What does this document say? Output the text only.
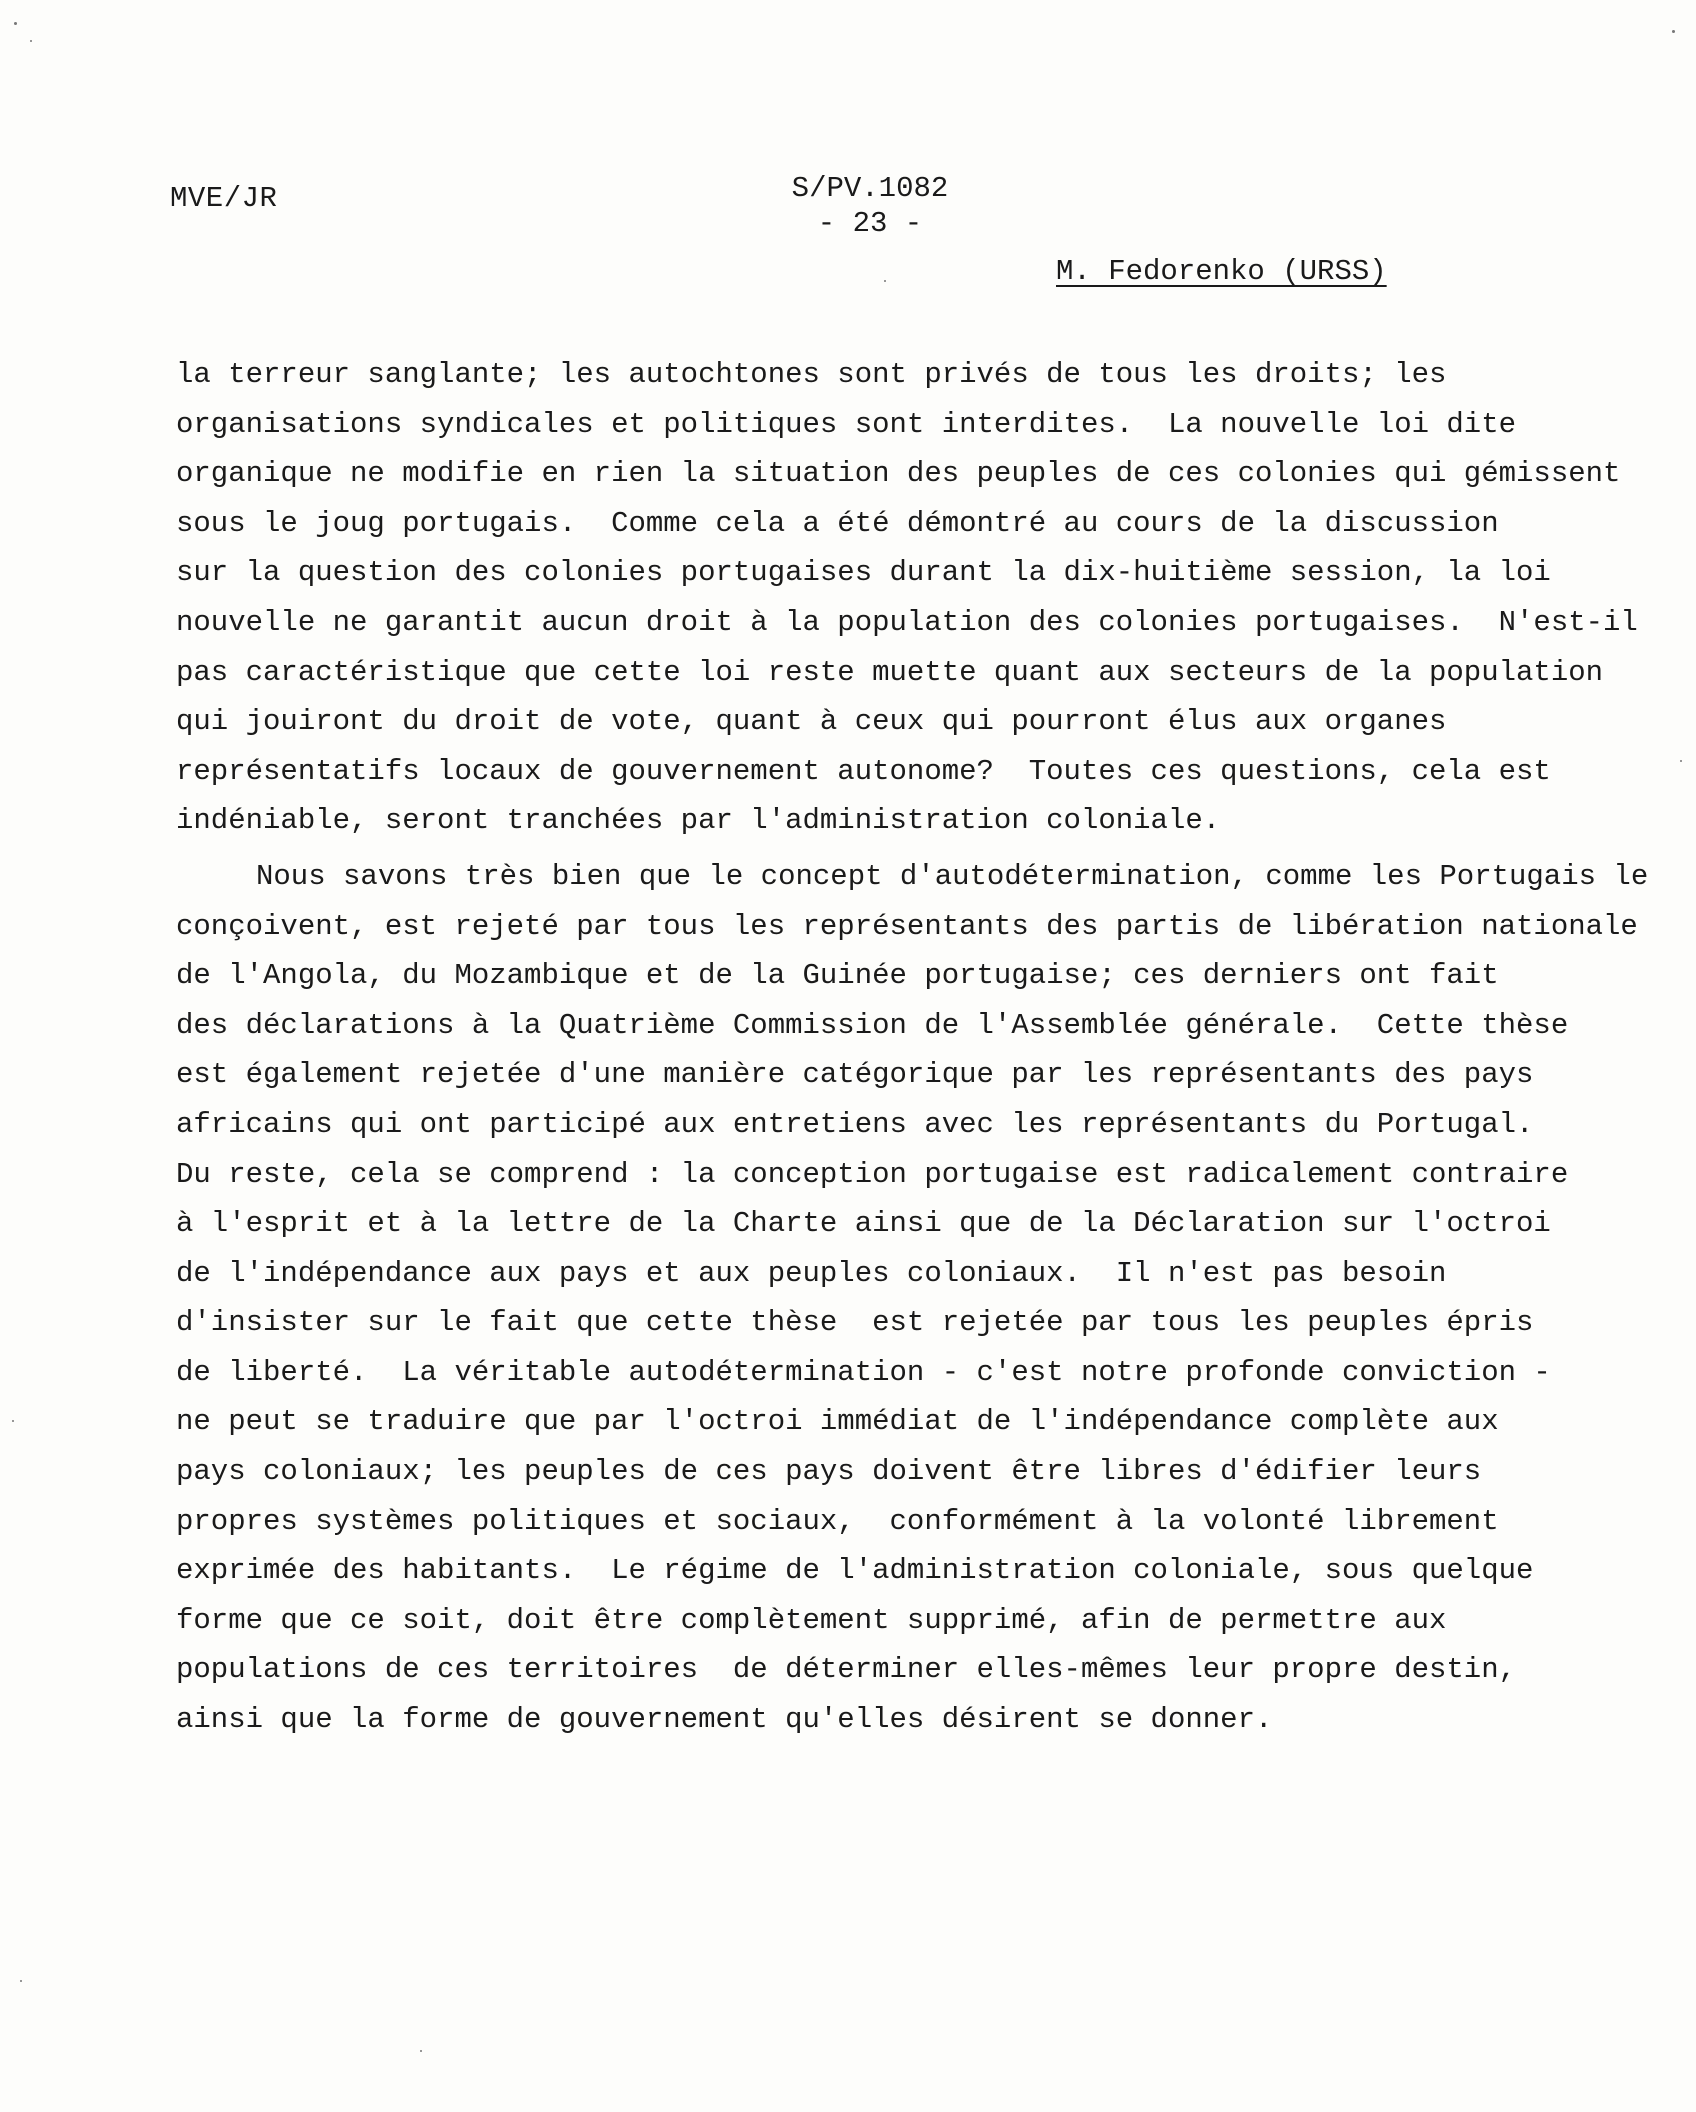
MVE/JR	S/PV.1082
- 23 -
M. Fedorenko (URSS)
la terreur sanglante; les autochtones sont privés de tous les droits; les
organisations syndicales et politiques sont interdites.  La nouvelle loi dite
organique ne modifie en rien la situation des peuples de ces colonies qui gémissent
sous le joug portugais.  Comme cela a été démontré au cours de la discussion
sur la question des colonies portugaises durant la dix-huitième session, la loi
nouvelle ne garantit aucun droit à la population des colonies portugaises.  N'est-il
pas caractéristique que cette loi reste muette quant aux secteurs de la population
qui jouiront du droit de vote, quant à ceux qui pourront élus aux organes
représentatifs locaux de gouvernement autonome?  Toutes ces questions, cela est
indéniable, seront tranchées par l'administration coloniale.
Nous savons très bien que le concept d'autodétermination, comme les Portugais le
conçoivent, est rejeté par tous les représentants des partis de libération nationale
de l'Angola, du Mozambique et de la Guinée portugaise; ces derniers ont fait
des déclarations à la Quatrième Commission de l'Assemblée générale.  Cette thèse
est également rejetée d'une manière catégorique par les représentants des pays
africains qui ont participé aux entretiens avec les représentants du Portugal.
Du reste, cela se comprend : la conception portugaise est radicalement contraire
à l'esprit et à la lettre de la Charte ainsi que de la Déclaration sur l'octroi
de l'indépendance aux pays et aux peuples coloniaux.  Il n'est pas besoin
d'insister sur le fait que cette thèse  est rejetée par tous les peuples épris
de liberté.  La véritable autodétermination - c'est notre profonde conviction -
ne peut se traduire que par l'octroi immédiat de l'indépendance complète aux
pays coloniaux; les peuples de ces pays doivent être libres d'édifier leurs
propres systèmes politiques et sociaux,  conformément à la volonté librement
exprimée des habitants.  Le régime de l'administration coloniale, sous quelque
forme que ce soit, doit être complètement supprimé, afin de permettre aux
populations de ces territoires  de déterminer elles-mêmes leur propre destin,
ainsi que la forme de gouvernement qu'elles désirent se donner.
